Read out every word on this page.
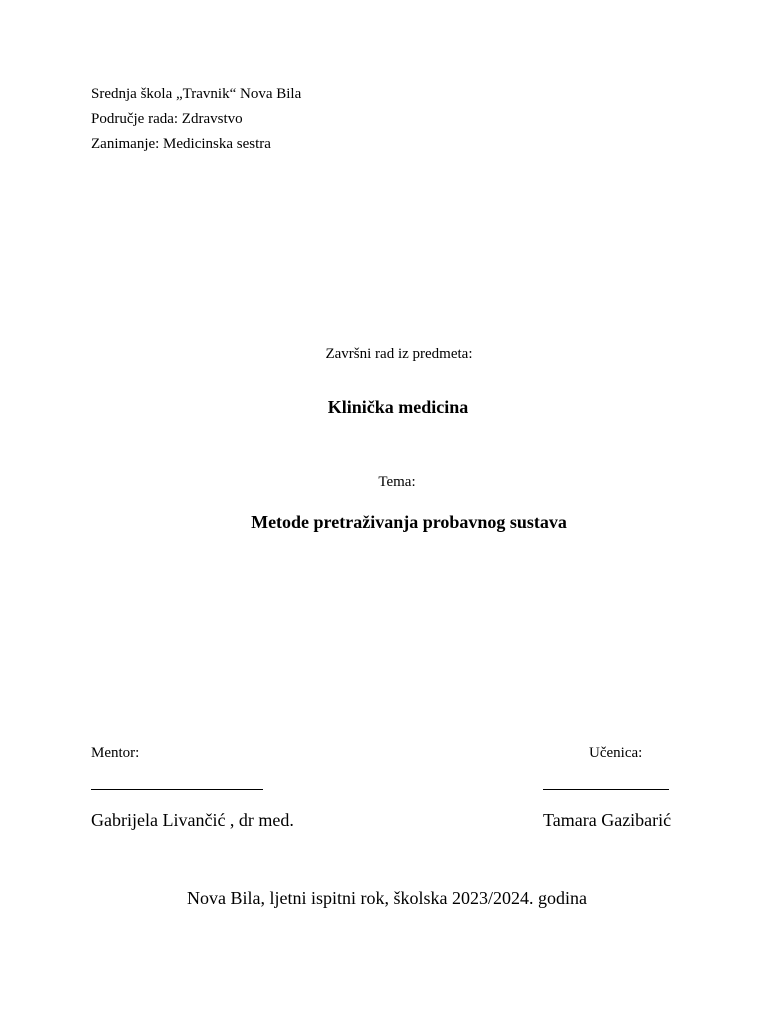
Srednja škola „Travnik“ Nova Bila
Područje rada: Zdravstvo
Zanimanje: Medicinska sestra
Završni rad iz predmeta:
Klinička medicina
Tema:
Metode pretraživanja probavnog sustava
Mentor:
Gabrijela Livančić , dr med.
Učenica:
Tamara Gazibarić
Nova Bila, ljetni ispitni rok, školska 2023/2024. godina
